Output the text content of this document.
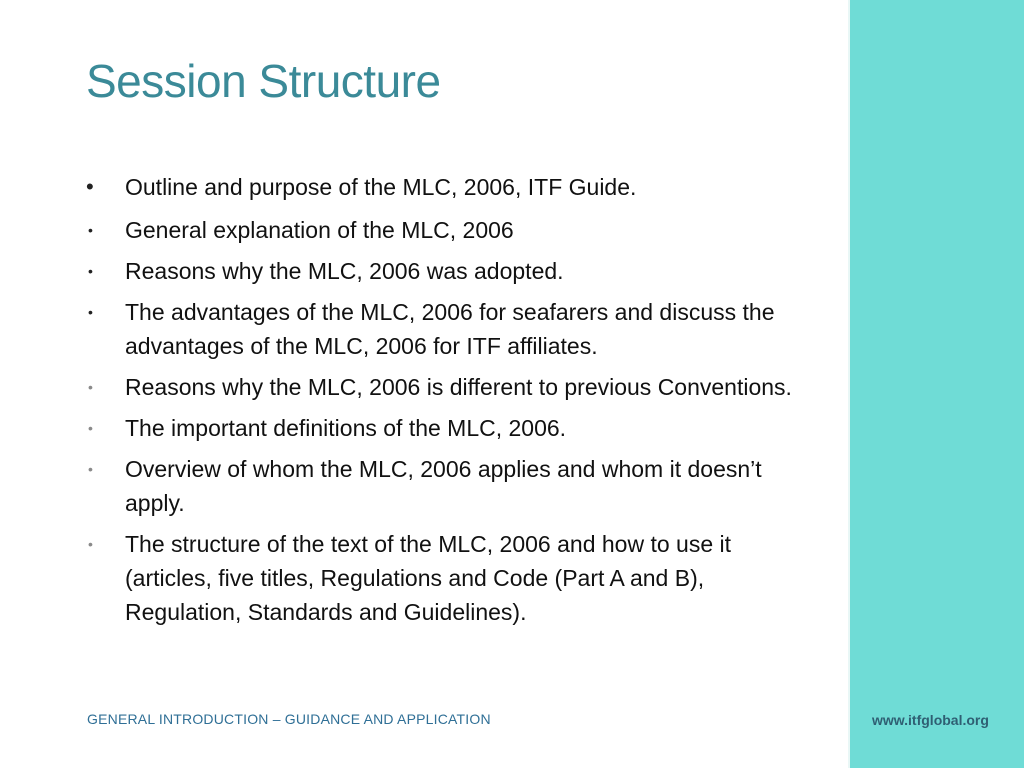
Session Structure
• Outline and purpose of the MLC, 2006, ITF Guide.
• General explanation of the MLC, 2006
• Reasons why the MLC, 2006 was adopted.
• The advantages of the MLC, 2006 for seafarers and discuss the advantages of the MLC, 2006 for ITF affiliates.
• Reasons why the MLC, 2006 is different to previous Conventions.
• The important definitions of the MLC, 2006.
• Overview of whom the MLC, 2006 applies and whom it doesn’t apply.
• The structure of the text of the MLC, 2006 and how to use it (articles, five titles, Regulations and Code (Part A and B), Regulation, Standards and Guidelines).
GENERAL INTRODUCTION – GUIDANCE AND APPLICATION	www.itfglobal.org
